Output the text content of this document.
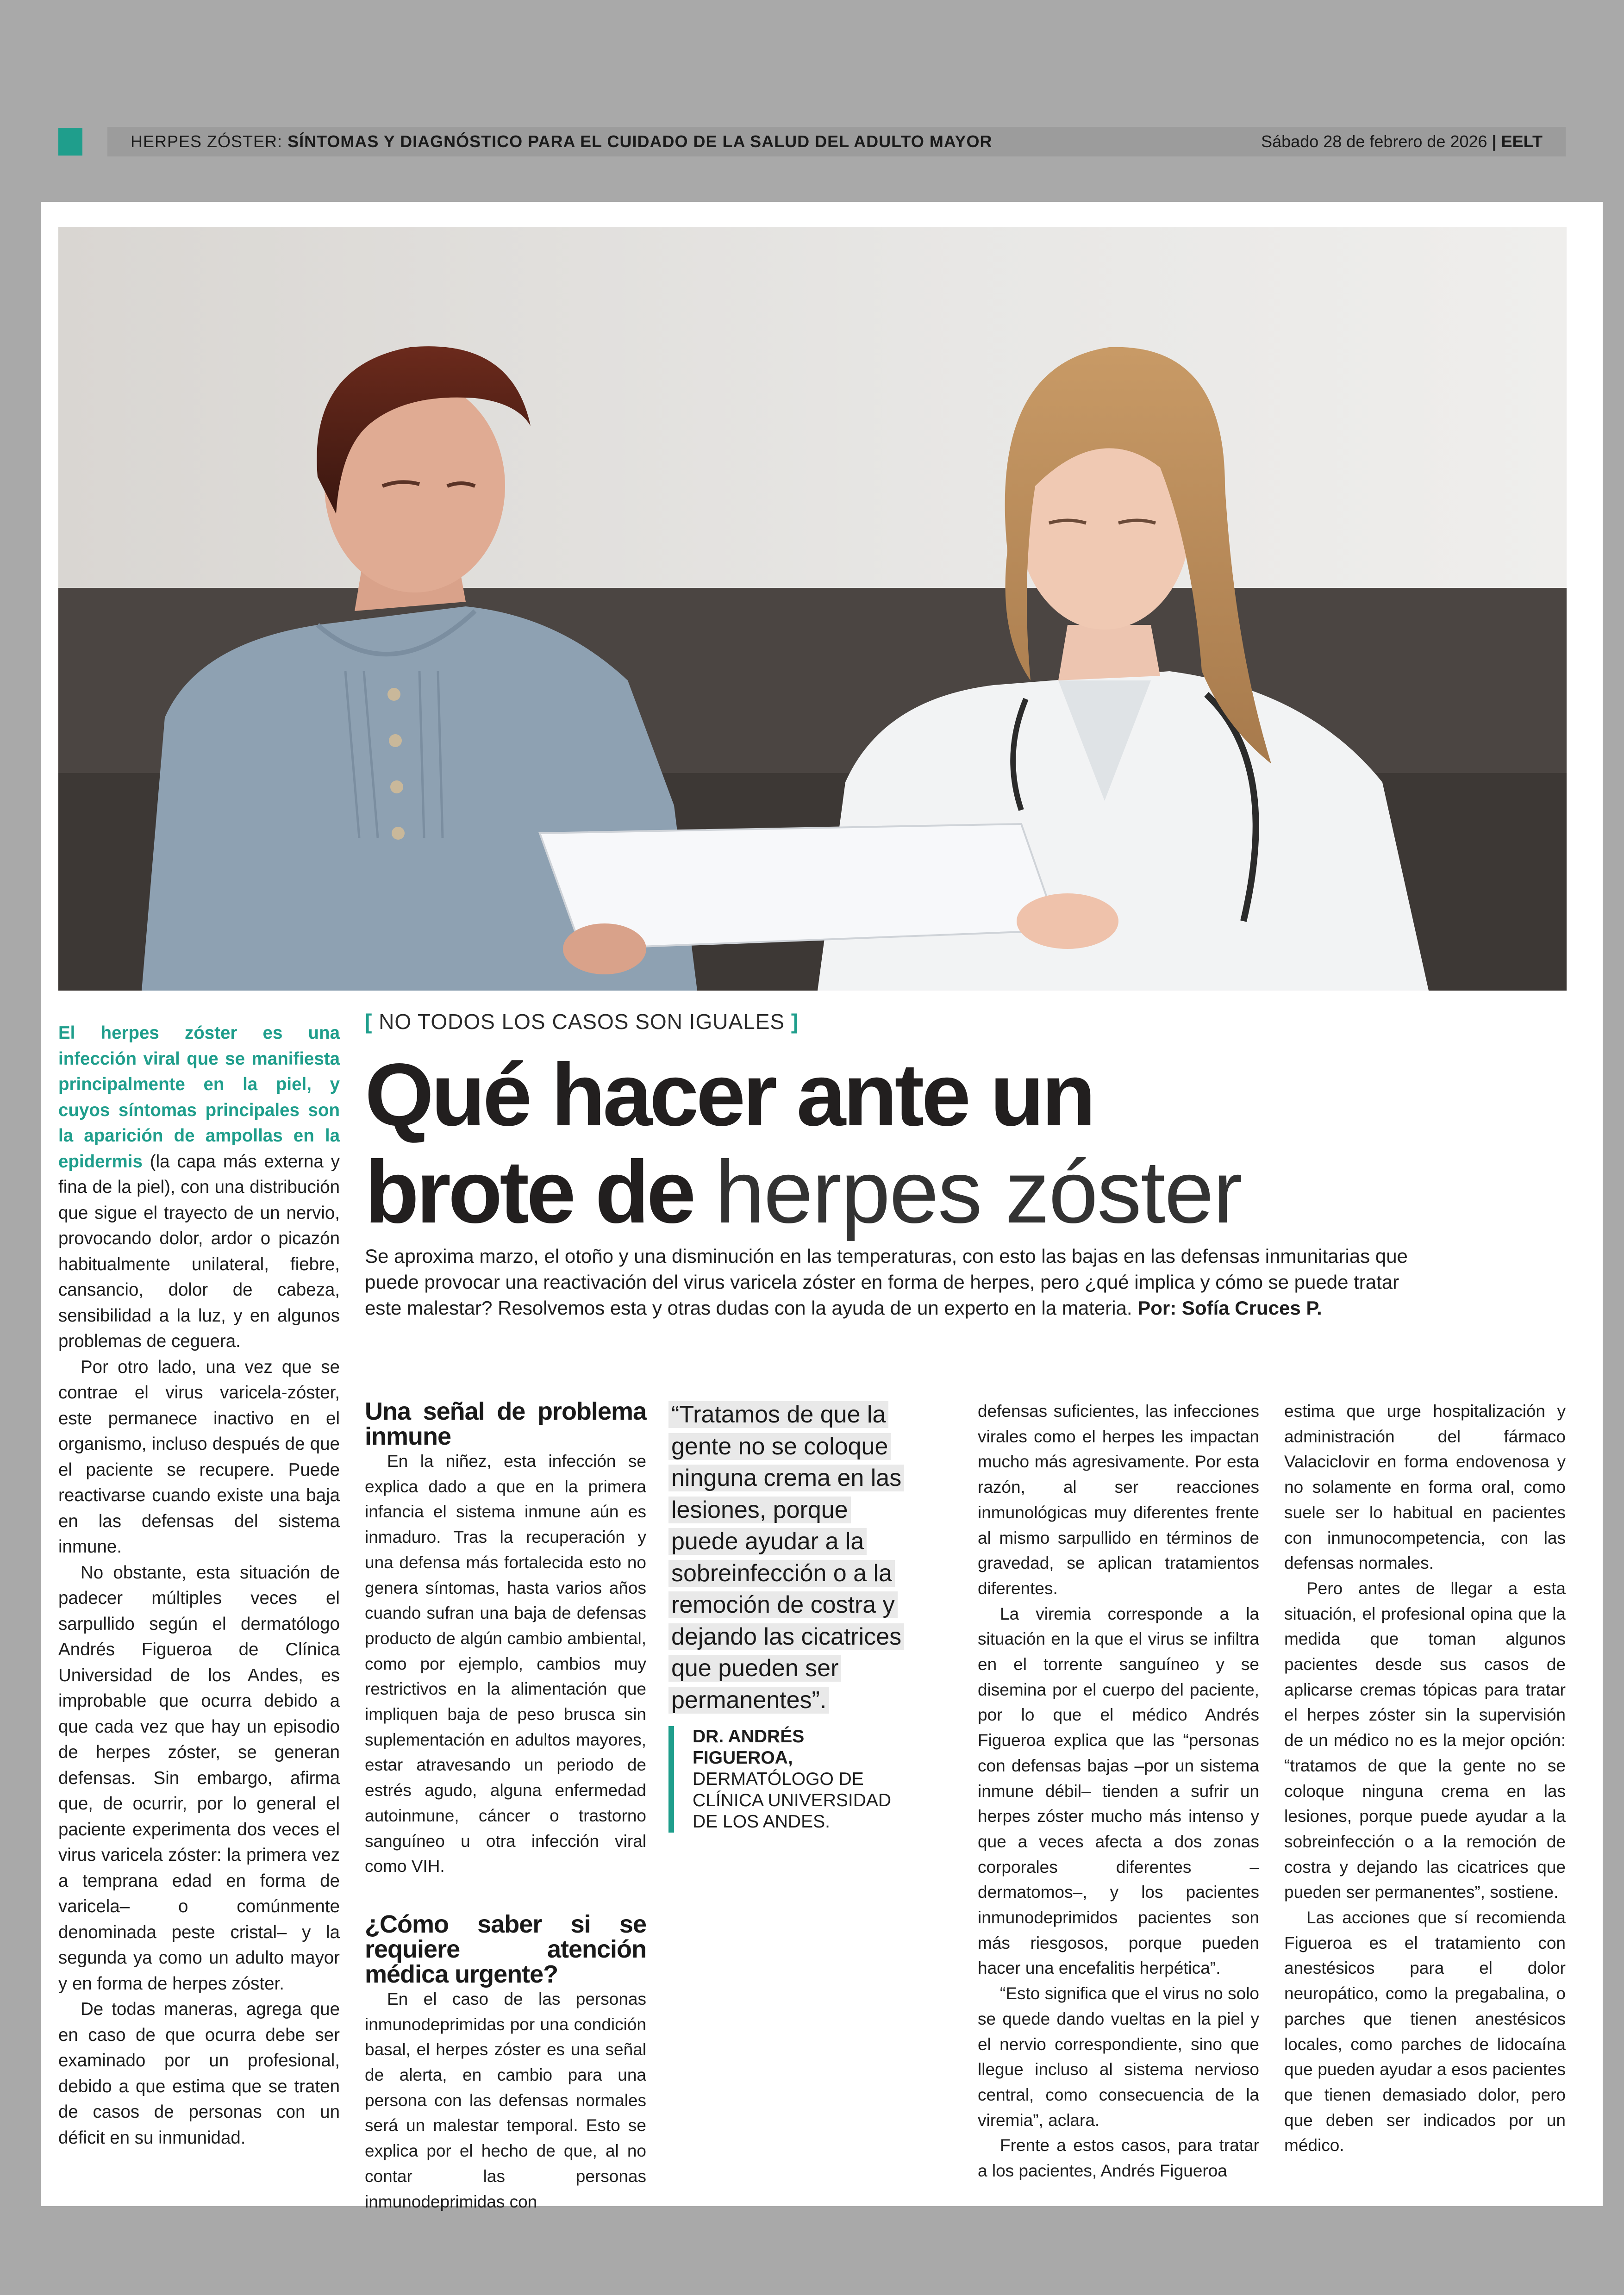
HERPES ZÓSTER: SÍNTOMAS Y DIAGNÓSTICO PARA EL CUIDADO DE LA SALUD DEL ADULTO MAYOR	Sábado 28 de febrero de 2026 | EELT

El herpes zóster es una infección viral que se manifiesta principalmente en la piel, y cuyos síntomas principales son la aparición de ampollas en la epidermis (la capa más externa y fina de la piel), con una distribución que sigue el trayecto de un nervio, provocando dolor, ardor o picazón habitualmente unilateral, fiebre, cansancio, dolor de cabeza, sensibilidad a la luz, y en algunos problemas de ceguera.

Por otro lado, una vez que se contrae el virus varicela-zóster, este permanece inactivo en el organismo, incluso después de que el paciente se recupere. Puede reactivarse cuando existe una baja en las defensas del sistema inmune.

No obstante, esta situación de padecer múltiples veces el sarpullido según el dermatólogo Andrés Figueroa de Clínica Universidad de los Andes, es improbable que ocurra debido a que cada vez que hay un episodio de herpes zóster, se generan defensas. Sin embargo, afirma que, de ocurrir, por lo general el paciente experimenta dos veces el virus varicela zóster: la primera vez a temprana edad en forma de varicela– o comúnmente denominada peste cristal– y la segunda ya como un adulto mayor y en forma de herpes zóster.

De todas maneras, agrega que en caso de que ocurra debe ser examinado por un profesional, debido a que estima que se traten de casos de personas con un déficit en su inmunidad.

[ NO TODOS LOS CASOS SON IGUALES ]
Qué hacer ante un
brote de herpes zóster
Se aproxima marzo, el otoño y una disminución en las temperaturas, con esto las bajas en las defensas inmunitarias que puede provocar una reactivación del virus varicela zóster en forma de herpes, pero ¿qué implica y cómo se puede tratar este malestar? Resolvemos esta y otras dudas con la ayuda de un experto en la materia. Por: Sofía Cruces P.
Una señal de problema inmune

En la niñez, esta infección se explica dado a que en la primera infancia el sistema inmune aún es inmaduro. Tras la recuperación y una defensa más fortalecida esto no genera síntomas, hasta varios años cuando sufran una baja de defensas producto de algún cambio ambiental, como por ejemplo, cambios muy restrictivos en la alimentación que impliquen baja de peso brusca sin suplementación en adultos mayores, estar atravesando un periodo de estrés agudo, alguna enfermedad autoinmune, cáncer o trastorno sanguíneo u otra infección viral como VIH.

¿Cómo saber si se requiere atención médica urgente?

En el caso de las personas inmunodeprimidas por una condición basal, el herpes zóster es una señal de alerta, en cambio para una persona con las defensas normales será un malestar temporal. Esto se explica por el hecho de que, al no contar las personas inmunodeprimidas con

“Tratamos de que la gente no se coloque ninguna crema en las lesiones, porque puede ayudar a la sobreinfección o a la remoción de costra y dejando las cicatrices que pueden ser permanentes”.
DR. ANDRÉS FIGUEROA,
DERMATÓLOGO DE CLÍNICA UNIVERSIDAD DE LOS ANDES.

defensas suficientes, las infecciones virales como el herpes les impactan mucho más agresivamente. Por esta razón, al ser reacciones inmunológicas muy diferentes frente al mismo sarpullido en términos de gravedad, se aplican tratamientos diferentes.

La viremia corresponde a la situación en la que el virus se infiltra en el torrente sanguíneo y se disemina por el cuerpo del paciente, por lo que el médico Andrés Figueroa explica que las “personas con defensas bajas –por un sistema inmune débil– tienden a sufrir un herpes zóster mucho más intenso y que a veces afecta a dos zonas corporales diferentes –dermatomos–, y los pacientes inmunodeprimidos pacientes son más riesgosos, porque pueden hacer una encefalitis herpética”.

“Esto significa que el virus no solo se quede dando vueltas en la piel y el nervio correspondiente, sino que llegue incluso al sistema nervioso central, como consecuencia de la viremia”, aclara.

Frente a estos casos, para tratar a los pacientes, Andrés Figueroa

estima que urge hospitalización y administración del fármaco Valaciclovir en forma endovenosa y no solamente en forma oral, como suele ser lo habitual en pacientes con inmunocompetencia, con las defensas normales.

Pero antes de llegar a esta situación, el profesional opina que la medida que toman algunos pacientes desde sus casos de aplicarse cremas tópicas para tratar el herpes zóster sin la supervisión de un médico no es la mejor opción: “tratamos de que la gente no se coloque ninguna crema en las lesiones, porque puede ayudar a la sobreinfección o a la remoción de costra y dejando las cicatrices que pueden ser permanentes”, sostiene.

Las acciones que sí recomienda Figueroa es el tratamiento con anestésicos para el dolor neuropático, como la pregabalina, o parches que tienen anestésicos locales, como parches de lidocaína que pueden ayudar a esos pacientes que tienen demasiado dolor, pero que deben ser indicados por un médico.
